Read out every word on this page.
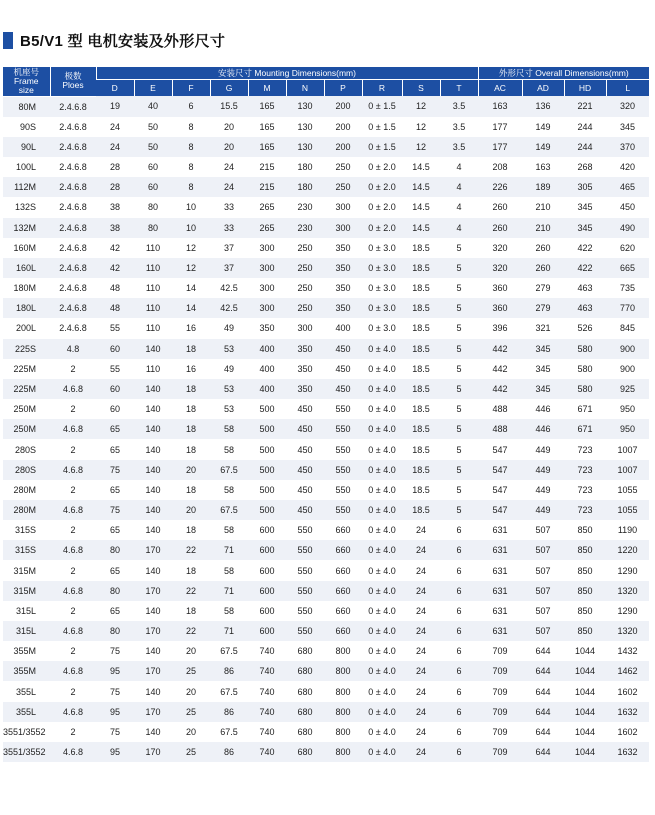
B5/V1 型 电机安装及外形尺寸
机座号
Frame
size	极数
Ploes	安装尺寸 Mounting Dimensions(mm)										外形尺寸 Overall Dimensions(mm)			
		D	E	F	G	M	N	P	R	S	T	AC	AD	HD	L
80M	2.4.6.8	19	40	6	15.5	165	130	200	0 ± 1.5	12	3.5	163	136	221	320
90S	2.4.6.8	24	50	8	20	165	130	200	0 ± 1.5	12	3.5	177	149	244	345
90L	2.4.6.8	24	50	8	20	165	130	200	0 ± 1.5	12	3.5	177	149	244	370
100L	2.4.6.8	28	60	8	24	215	180	250	0 ± 2.0	14.5	4	208	163	268	420
112M	2.4.6.8	28	60	8	24	215	180	250	0 ± 2.0	14.5	4	226	189	305	465
132S	2.4.6.8	38	80	10	33	265	230	300	0 ± 2.0	14.5	4	260	210	345	450
132M	2.4.6.8	38	80	10	33	265	230	300	0 ± 2.0	14.5	4	260	210	345	490
160M	2.4.6.8	42	110	12	37	300	250	350	0 ± 3.0	18.5	5	320	260	422	620
160L	2.4.6.8	42	110	12	37	300	250	350	0 ± 3.0	18.5	5	320	260	422	665
180M	2.4.6.8	48	110	14	42.5	300	250	350	0 ± 3.0	18.5	5	360	279	463	735
180L	2.4.6.8	48	110	14	42.5	300	250	350	0 ± 3.0	18.5	5	360	279	463	770
200L	2.4.6.8	55	110	16	49	350	300	400	0 ± 3.0	18.5	5	396	321	526	845
225S	4.8	60	140	18	53	400	350	450	0 ± 4.0	18.5	5	442	345	580	900
225M	2	55	110	16	49	400	350	450	0 ± 4.0	18.5	5	442	345	580	900
225M	4.6.8	60	140	18	53	400	350	450	0 ± 4.0	18.5	5	442	345	580	925
250M	2	60	140	18	53	500	450	550	0 ± 4.0	18.5	5	488	446	671	950
250M	4.6.8	65	140	18	58	500	450	550	0 ± 4.0	18.5	5	488	446	671	950
280S	2	65	140	18	58	500	450	550	0 ± 4.0	18.5	5	547	449	723	1007
280S	4.6.8	75	140	20	67.5	500	450	550	0 ± 4.0	18.5	5	547	449	723	1007
280M	2	65	140	18	58	500	450	550	0 ± 4.0	18.5	5	547	449	723	1055
280M	4.6.8	75	140	20	67.5	500	450	550	0 ± 4.0	18.5	5	547	449	723	1055
315S	2	65	140	18	58	600	550	660	0 ± 4.0	24	6	631	507	850	1190
315S	4.6.8	80	170	22	71	600	550	660	0 ± 4.0	24	6	631	507	850	1220
315M	2	65	140	18	58	600	550	660	0 ± 4.0	24	6	631	507	850	1290
315M	4.6.8	80	170	22	71	600	550	660	0 ± 4.0	24	6	631	507	850	1320
315L	2	65	140	18	58	600	550	660	0 ± 4.0	24	6	631	507	850	1290
315L	4.6.8	80	170	22	71	600	550	660	0 ± 4.0	24	6	631	507	850	1320
355M	2	75	140	20	67.5	740	680	800	0 ± 4.0	24	6	709	644	1044	1432
355M	4.6.8	95	170	25	86	740	680	800	0 ± 4.0	24	6	709	644	1044	1462
355L	2	75	140	20	67.5	740	680	800	0 ± 4.0	24	6	709	644	1044	1602
355L	4.6.8	95	170	25	86	740	680	800	0 ± 4.0	24	6	709	644	1044	1632
3551/3552	2	75	140	20	67.5	740	680	800	0 ± 4.0	24	6	709	644	1044	1602
3551/3552	4.6.8	95	170	25	86	740	680	800	0 ± 4.0	24	6	709	644	1044	1632
